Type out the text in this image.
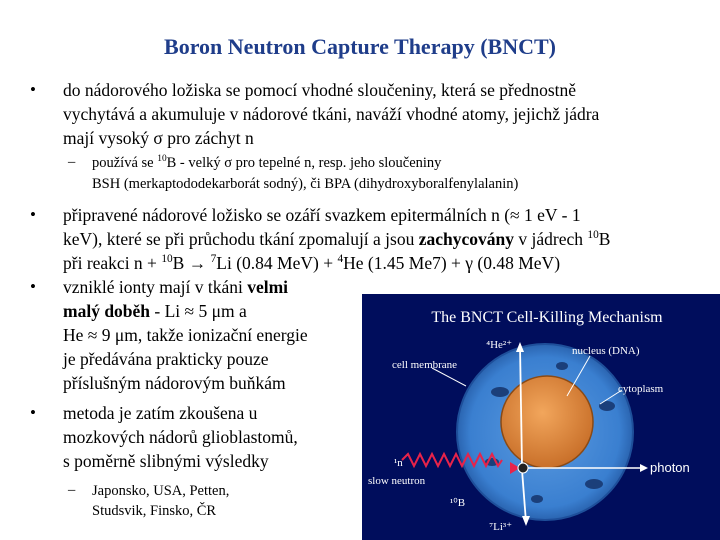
Boron Neutron Capture Therapy (BNCT)
• do nádorového ložiska se pomocí vhodné sloučeniny, která se přednostně
vychytává a akumuluje v nádorové tkáni, naváží vhodné atomy, jejichž jádra
mají vysoký σ pro záchyt n
– používá se $^{10}$B - velký σ pro tepelné n, resp. jeho sloučeniny
BSH (merkaptododekarborát sodný), či BPA (dihydroxyboralfenylalanin)
• připravené nádorové ložisko se ozáří svazkem epitermálních n (≈ 1 eV - 1
keV), které se při průchodu tkání zpomalují a jsou zachycovány v jádrech $^{10}$B
při reakci n + $^{10}$B → $^7$Li (0.84 MeV) + $^4$He (1.45 Me7) + γ (0.48 MeV)
• vzniklé ionty mají v tkáni velmi
malý doběh - Li ≈ 5 μm a
He ≈ 9 μm, takže ionizační energie
je předávána prakticky pouze
příslušným nádorovým buňkám
• metoda je zatím zkoušena u
mozkových nádorů glioblastomů,
s poměrně slibnými výsledky
– Japonsko, USA, Petten,
Studsvik, Finsko, ČR
The BNCT Cell-Killing Mechanism
⁴He²⁺	nucleus (DNA)
cell membrane
cytoplasm
¹n
slow neutron
photon
¹⁰B
⁷Li³⁺
